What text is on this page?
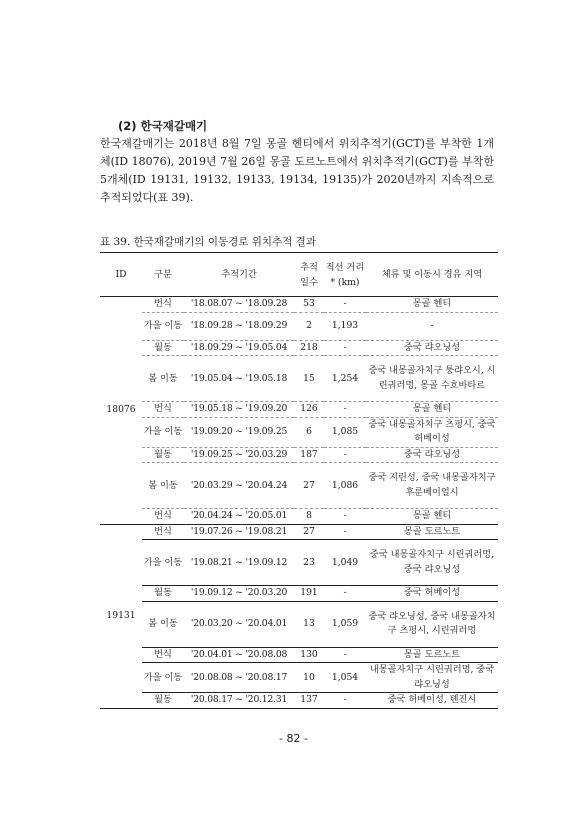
(2) 한국재갈매기

한국재갈매기는 2018년 8월 7일 몽골 헨티에서 위치추적기(GCT)를 부착한 1개체(ID 18076), 2019년 7월 26일 몽골 도르노트에서 위치추적기(GCT)를 부착한 5개체(ID 19131, 19132, 19133, 19134, 19135)가 2020년까지 지속적으로 추적되었다(표 39).

표 39. 한국재갈매기의 이동경로 위치추적 결과
ID	구분	추적기간	추적 일수	직선 거리* (km)	체류 및 이동시 경유 지역
18076	번식	'18.08.07 ~ '18.09.28	53	-	몽골 헨티
	가을 이동	'18.09.28 ~ '18.09.29	2	1,193	-
	월동	'18.09.29 ~ '19.05.04	218	-	중국 랴오닝성
	봄 이동	'19.05.04 ~ '19.05.18	15	1,254	중국 내몽골자치구 퉁랴오시, 시린궈러멍, 몽골 수흐바타르
	번식	'19.05.18 ~ '19.09.20	126	-	몽골 헨티
	가을 이동	'19.09.20 ~ '19.09.25	6	1,085	중국 내몽골자치구 츠펑시, 중국 허베이성
	월동	'19.09.25 ~ '20.03.29	187	-	중국 랴오닝성
	봄 이동	'20.03.29 ~ '20.04.24	27	1,086	중국 지린성, 중국 내몽골자치구 후룬베이얼시
	번식	'20.04.24 ~ '20.05.01	8	-	몽골 헨티
19131	번식	'19.07.26 ~ '19.08.21	27	-	몽골 도르노트
	가을 이동	'19.08.21 ~ '19.09.12	23	1,049	중국 내몽골자치구 시린궈러멍, 중국 랴오닝성
	월동	'19.09.12 ~ '20.03.20	191	-	중국 허베이성
	봄 이동	'20.03.20 ~ '20.04.01	13	1,059	중국 랴오닝성, 중국 내몽골자치구 츠펑시, 시린궈러멍
	번식	'20.04.01 ~ '20.08.08	130	-	몽골 도르노트
	가을 이동	'20.08.08 ~ '20.08.17	10	1,054	내몽골자치구 시린궈러멍, 중국 랴오닝성
	월동	'20.08.17 ~ '20.12.31	137	-	중국 허베이성, 톈진시
- 82 -
